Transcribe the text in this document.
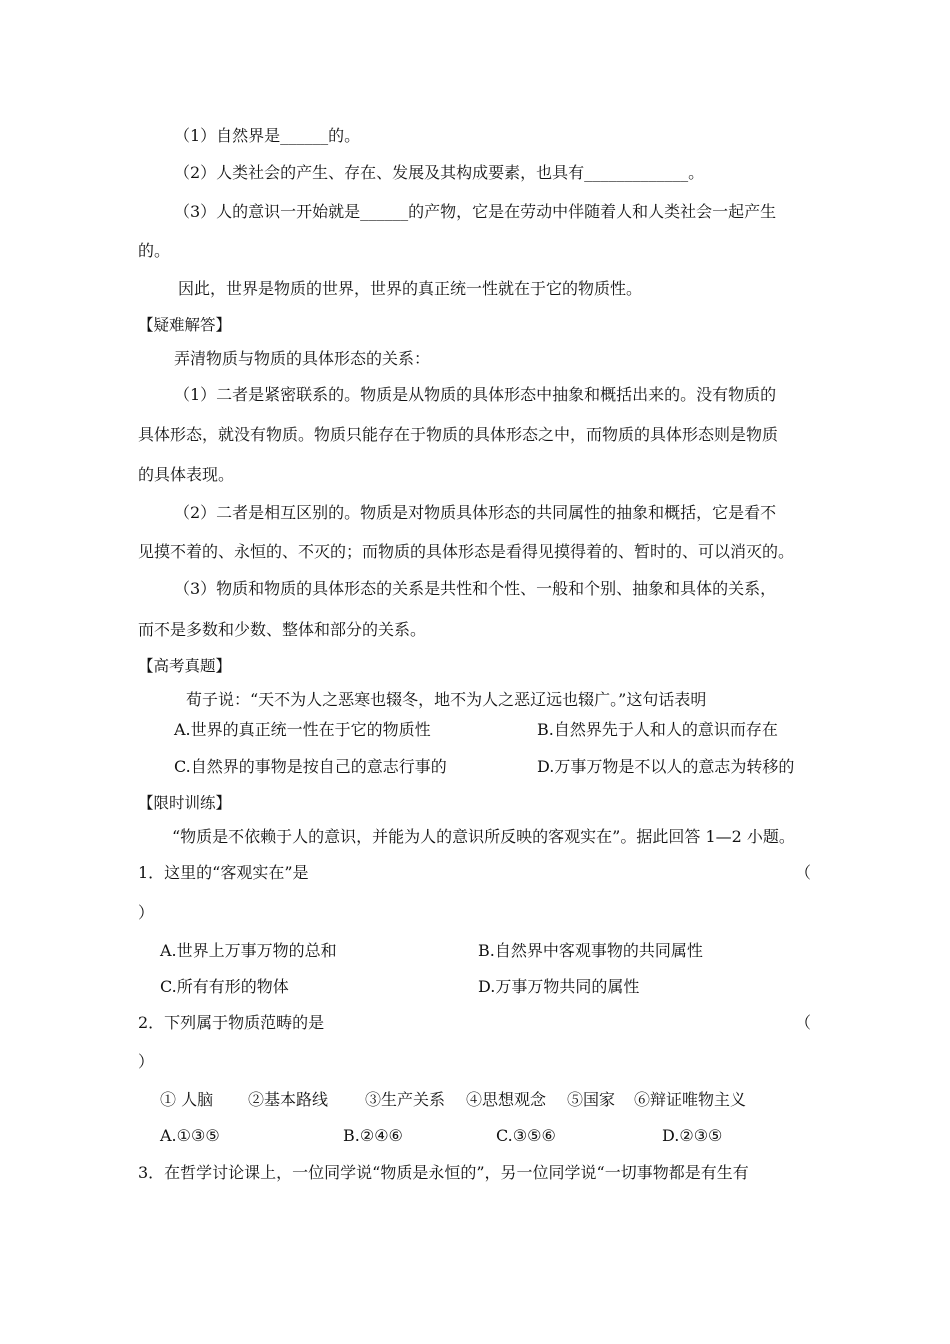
（1）自然界是______的。
（2）人类社会的产生、存在、发展及其构成要素，也具有_____________。
（3）人的意识一开始就是______的产物，它是在劳动中伴随着人和人类社会一起产生
的。
因此，世界是物质的世界，世界的真正统一性就在于它的物质性。
【疑难解答】
弄清物质与物质的具体形态的关系：
（1）二者是紧密联系的。物质是从物质的具体形态中抽象和概括出来的。没有物质的
具体形态，就没有物质。物质只能存在于物质的具体形态之中，而物质的具体形态则是物质
的具体表现。
（2）二者是相互区别的。物质是对物质具体形态的共同属性的抽象和概括，它是看不
见摸不着的、永恒的、不灭的；而物质的具体形态是看得见摸得着的、暂时的、可以消灭的。
（3）物质和物质的具体形态的关系是共性和个性、一般和个别、抽象和具体的关系，
而不是多数和少数、整体和部分的关系。
【高考真题】
荀子说：“天不为人之恶寒也辍冬，地不为人之恶辽远也辍广。”这句话表明
A.世界的真正统一性在于它的物质性	B.自然界先于人和人的意识而存在
C.自然界的事物是按自己的意志行事的	D.万事万物是不以人的意志为转移的
【限时训练】
“物质是不依赖于人的意识，并能为人的意识所反映的客观实在”。据此回答 1—2 小题。
1．这里的“客观实在”是	（
）
A.世界上万事万物的总和	B.自然界中客观事物的共同属性
C.所有有形的物体	D.万事万物共同的属性
2．下列属于物质范畴的是	（
）
① 人脑 ②基本路线 ③生产关系 ④思想观念 ⑤国家 ⑥辩证唯物主义
A.①③⑤	B.②④⑥	C.③⑤⑥	D.②③⑤
3．在哲学讨论课上，一位同学说“物质是永恒的”，另一位同学说“一切事物都是有生有
